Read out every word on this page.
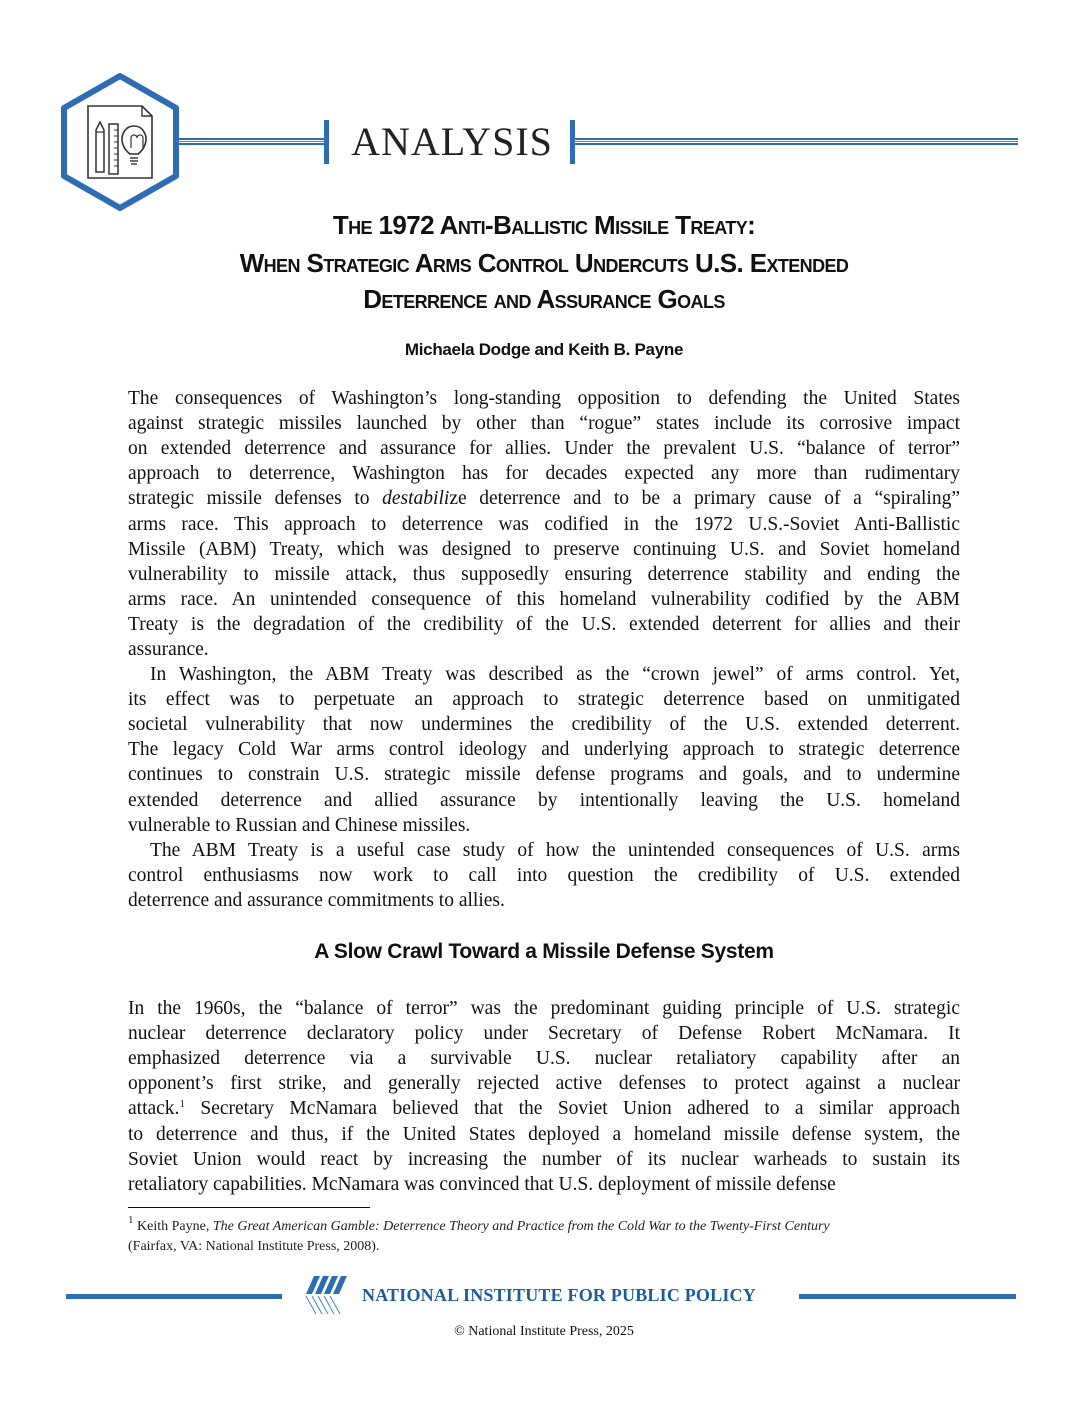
ANALYSIS
The 1972 Anti-Ballistic Missile Treaty:
When Strategic Arms Control Undercuts U.S. Extended
Deterrence and Assurance Goals
Michaela Dodge and Keith B. Payne
The consequences of Washington’s long-standing opposition to defending the United States
against strategic missiles launched by other than “rogue” states include its corrosive impact
on extended deterrence and assurance for allies. Under the prevalent U.S. “balance of terror”
approach to deterrence, Washington has for decades expected any more than rudimentary
strategic missile defenses to destabilize deterrence and to be a primary cause of a “spiraling”
arms race. This approach to deterrence was codified in the 1972 U.S.-Soviet Anti-Ballistic
Missile (ABM) Treaty, which was designed to preserve continuing U.S. and Soviet homeland
vulnerability to missile attack, thus supposedly ensuring deterrence stability and ending the
arms race. An unintended consequence of this homeland vulnerability codified by the ABM
Treaty is the degradation of the credibility of the U.S. extended deterrent for allies and their
assurance.
In Washington, the ABM Treaty was described as the “crown jewel” of arms control. Yet,
its effect was to perpetuate an approach to strategic deterrence based on unmitigated
societal vulnerability that now undermines the credibility of the U.S. extended deterrent.
The legacy Cold War arms control ideology and underlying approach to strategic deterrence
continues to constrain U.S. strategic missile defense programs and goals, and to undermine
extended deterrence and allied assurance by intentionally leaving the U.S. homeland
vulnerable to Russian and Chinese missiles.
The ABM Treaty is a useful case study of how the unintended consequences of U.S. arms
control enthusiasms now work to call into question the credibility of U.S. extended
deterrence and assurance commitments to allies.
In the 1960s, the “balance of terror” was the predominant guiding principle of U.S. strategic
nuclear deterrence declaratory policy under Secretary of Defense Robert McNamara. It
emphasized deterrence via a survivable U.S. nuclear retaliatory capability after an
opponent’s first strike, and generally rejected active defenses to protect against a nuclear
attack.$^1$ Secretary McNamara believed that the Soviet Union adhered to a similar approach
to deterrence and thus, if the United States deployed a homeland missile defense system, the
Soviet Union would react by increasing the number of its nuclear warheads to sustain its
retaliatory capabilities. McNamara was convinced that U.S. deployment of missile defense
A Slow Crawl Toward a Missile Defense System
$^1$ Keith Payne, The Great American Gamble: Deterrence Theory and Practice from the Cold War to the Twenty-First Century
(Fairfax, VA: National Institute Press, 2008).
NATIONAL INSTITUTE FOR PUBLIC POLICY
© National Institute Press, 2025
